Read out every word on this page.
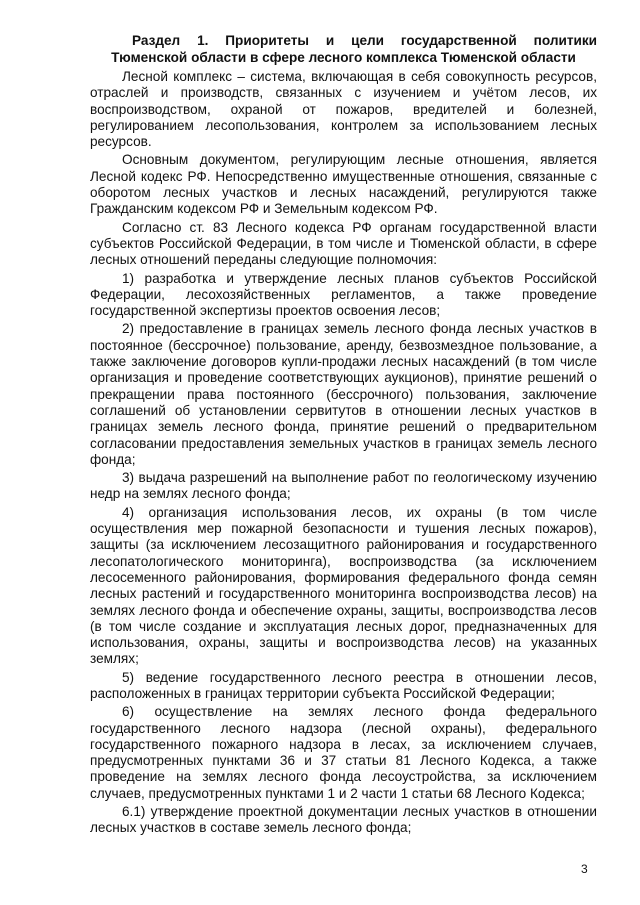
Раздел 1. Приоритеты и цели государственной политики Тюменской области в сфере лесного комплекса Тюменской области

Лесной комплекс – система, включающая в себя совокупность ресурсов, отраслей и производств, связанных с изучением и учётом лесов, их воспроизводством, охраной от пожаров, вредителей и болезней, регулированием лесопользования, контролем за использованием лесных ресурсов.

Основным документом, регулирующим лесные отношения, является Лесной кодекс РФ. Непосредственно имущественные отношения, связанные с оборотом лесных участков и лесных насаждений, регулируются также Гражданским кодексом РФ и Земельным кодексом РФ.

Согласно ст. 83 Лесного кодекса РФ органам государственной власти субъектов Российской Федерации, в том числе и Тюменской области, в сфере лесных отношений переданы следующие полномочия:

1) разработка и утверждение лесных планов субъектов Российской Федерации, лесохозяйственных регламентов, а также проведение государственной экспертизы проектов освоения лесов;

2) предоставление в границах земель лесного фонда лесных участков в постоянное (бессрочное) пользование, аренду, безвозмездное пользование, а также заключение договоров купли-продажи лесных насаждений (в том числе организация и проведение соответствующих аукционов), принятие решений о прекращении права постоянного (бессрочного) пользования, заключение соглашений об установлении сервитутов в отношении лесных участков в границах земель лесного фонда, принятие решений о предварительном согласовании предоставления земельных участков в границах земель лесного фонда;

3) выдача разрешений на выполнение работ по геологическому изучению недр на землях лесного фонда;

4) организация использования лесов, их охраны (в том числе осуществления мер пожарной безопасности и тушения лесных пожаров), защиты (за исключением лесозащитного районирования и государственного лесопатологического мониторинга), воспроизводства (за исключением лесосеменного районирования, формирования федерального фонда семян лесных растений и государственного мониторинга воспроизводства лесов) на землях лесного фонда и обеспечение охраны, защиты, воспроизводства лесов (в том числе создание и эксплуатация лесных дорог, предназначенных для использования, охраны, защиты и воспроизводства лесов) на указанных землях;

5) ведение государственного лесного реестра в отношении лесов, расположенных в границах территории субъекта Российской Федерации;

6) осуществление на землях лесного фонда федерального государственного лесного надзора (лесной охраны), федерального государственного пожарного надзора в лесах, за исключением случаев, предусмотренных пунктами 36 и 37 статьи 81 Лесного Кодекса, а также проведение на землях лесного фонда лесоустройства, за исключением случаев, предусмотренных пунктами 1 и 2 части 1 статьи 68 Лесного Кодекса;

6.1) утверждение проектной документации лесных участков в отношении лесных участков в составе земель лесного фонда;

3
